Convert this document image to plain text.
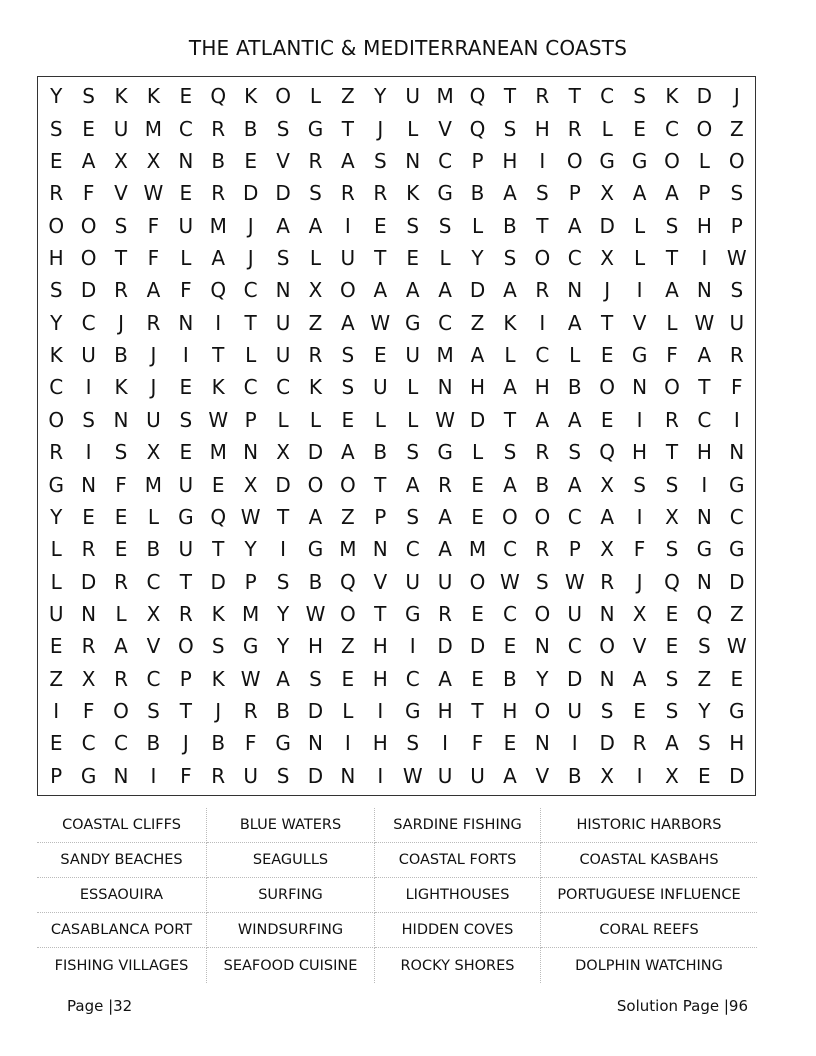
THE ATLANTIC & MEDITERRANEAN COASTS
Y S K K E Q K O L Z Y U M Q T R T C S K D	J
S E U M C R B S G T	J	L V Q S H R L	E C O Z
E A X X N B E V R A S N C P H	I	O G G O L O
R F V W E R D D S R R K G B A S	P X A A P	S
O O S	F U M	J	A A	I	E S S	L B T A D L	S H P
H O T	F	L A	J	S	L U T E	L	Y S O C X L	T	I W
S D R A F Q C N X O A A A D A R N	J	I	A N S
Y C	J	R N	I	T U Z A W G C Z K	I	A T V L W U
K U B	J	I	T	L U R S E U M A L C L	E G F A R
C	I	K	J	E K C C K S U L N H A H B O N O T	F
O S N U S W P	L	L	E	L	L W D T A A E	I	R C	I
R	I	S X E M N X D A B S G L	S R S Q H T H N
G N F M U E X D O O T A R E A B A X S S	I	G
Y E E	L G Q W T A Z P	S A E O O C A	I	X N C
L R E B U T	Y	I	G M N C A M C R P X F	S G G
L D R C T D P	S B Q V U U O W S W R	J	Q N D
U N L X R K M Y W O T G R E C O U N X E Q Z
E R A V O S G Y H Z H	I	D D E N C O V E S W
Z X R C P K W A S E H C A E B Y D N A S Z E
I	F O S T	J	R B D L	I	G H T H O U S E S Y G
E C C B	J	B F G N	I	H S	I	F	E N	I	D R A S H
P G N	I	F R U S D N	I W U U A V B X	I	X E D
COASTAL CLIFFS	BLUE WATERS	SARDINE FISHING	HISTORIC HARBORS
SANDY BEACHES	SEAGULLS	COASTAL FORTS	COASTAL KASBAHS
ESSAOUIRA	SURFING	LIGHTHOUSES	PORTUGUESE INFLUENCE
CASABLANCA PORT	WINDSURFING	HIDDEN COVES	CORAL REEFS
FISHING VILLAGES	SEAFOOD CUISINE	ROCKY SHORES	DOLPHIN WATCHING
Page |32	Solution Page |96
